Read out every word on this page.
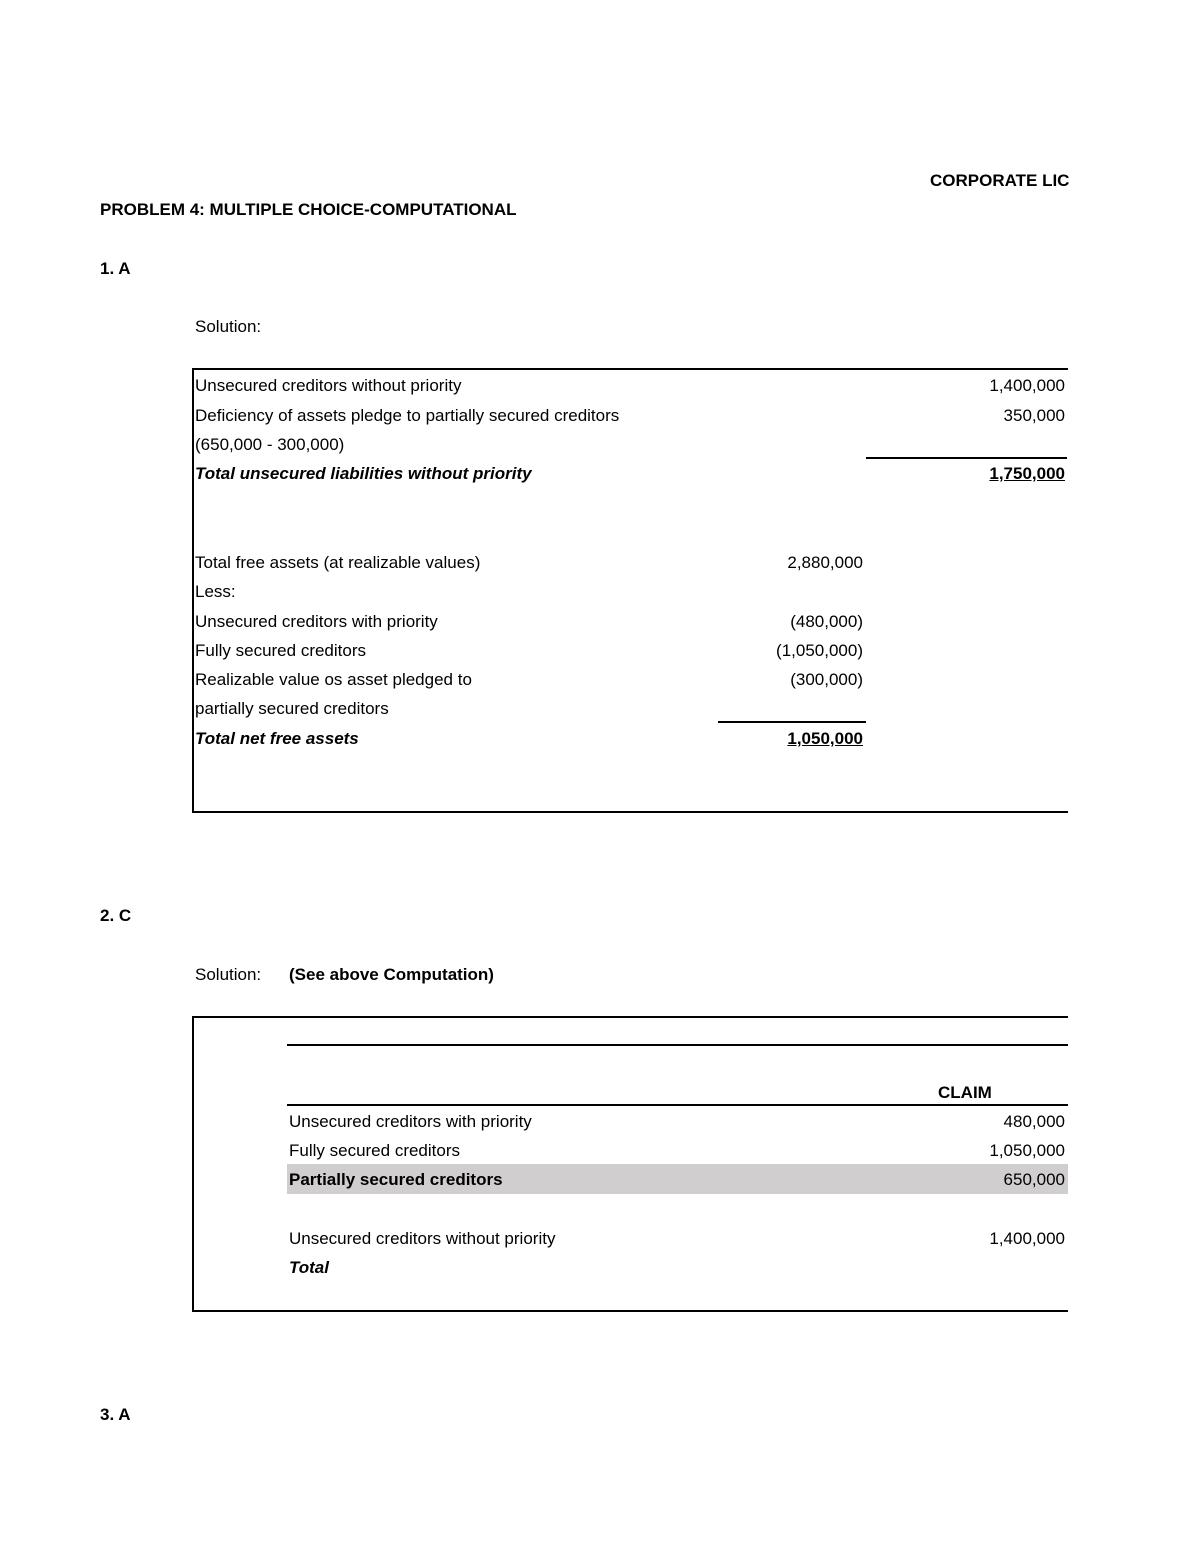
CORPORATE LIC
PROBLEM 4: MULTIPLE CHOICE-COMPUTATIONAL
1. A
Solution:
Unsecured creditors without priority	1,400,000
Deficiency of assets pledge to partially secured creditors	350,000
(650,000 - 300,000)
Total unsecured liabilities without priority	1,750,000
Total free assets (at realizable values)	2,880,000
Less:
Unsecured creditors with priority	(480,000)
Fully secured creditors	(1,050,000)
Realizable value os asset pledged to	(300,000)
partially secured creditors
Total net free assets	1,050,000
2. C
Solution: (See above Computation)
CLAIM
Unsecured creditors with priority	480,000
Fully secured creditors	1,050,000
Partially secured creditors	650,000
Unsecured creditors without priority	1,400,000
Total
3. A
